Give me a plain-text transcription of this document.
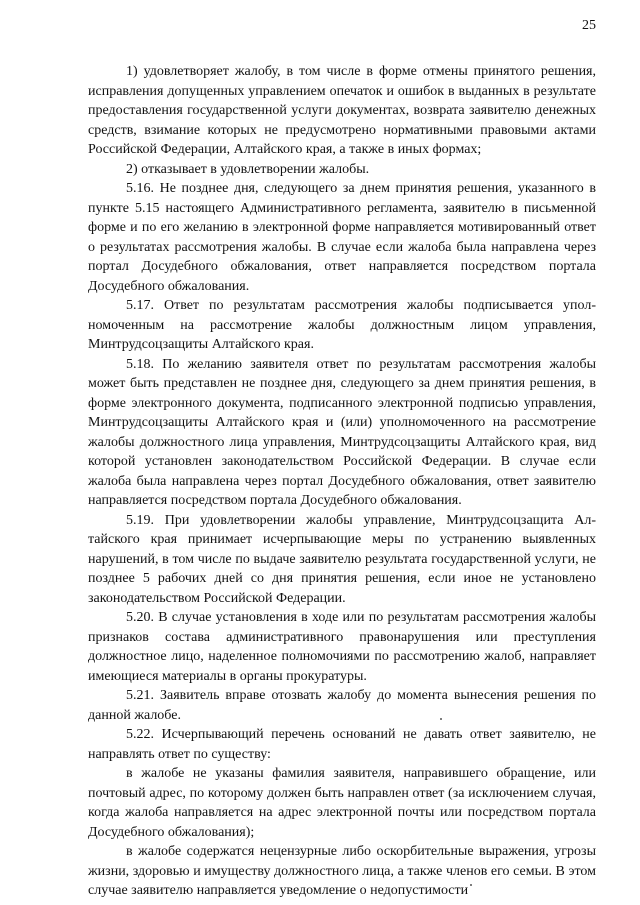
25

1) удовлетворяет жалобу, в том числе в форме отмены принятого решения, исправления допущенных управлением опечаток и ошибок в выданных в результате предоставления государственной услуги документах, возврата заявителю денежных средств, взимание которых не предусмотрено нормативными правовыми актами Российской Федерации, Алтайского края, а также в иных формах;

2) отказывает в удовлетворении жалобы.

5.16. Не позднее дня, следующего за днем принятия решения, указанного в пункте 5.15 настоящего Административного регламента, заявителю в письменной форме и по его желанию в электронной форме направляется мотивированный ответ о результатах рассмотрения жалобы. В случае если жалоба была направлена через портал Досудебного обжалования, ответ направляется посредством портала Досудебного обжалования.

5.17. Ответ по результатам рассмотрения жалобы подписывается уполномоченным на рассмотрение жалобы должностным лицом управления, Минтрудсоцзащиты Алтайского края.

5.18. По желанию заявителя ответ по результатам рассмотрения жалобы может быть представлен не позднее дня, следующего за днем принятия решения, в форме электронного документа, подписанного электронной подписью управления, Минтрудсоцзащиты Алтайского края и (или) уполномоченного на рассмотрение жалобы должностного лица управления, Минтрудсоцзащиты Алтайского края, вид которой установлен законодательством Российской Федерации. В случае если жалоба была направлена через портал Досудебного обжалования, ответ заявителю направляется посредством портала Досудебного обжалования.

5.19. При удовлетворении жалобы управление, Минтрудсоцзащита Алтайского края принимает исчерпывающие меры по устранению выявленных нарушений, в том числе по выдаче заявителю результата государственной услуги, не позднее 5 рабочих дней со дня принятия решения, если иное не установлено законодательством Российской Федерации.

5.20. В случае установления в ходе или по результатам рассмотрения жалобы признаков состава административного правонарушения или преступления должностное лицо, наделенное полномочиями по рассмотрению жалоб, направляет имеющиеся материалы в органы прокуратуры.

5.21. Заявитель вправе отозвать жалобу до момента вынесения решения по данной жалобе.

5.22. Исчерпывающий перечень оснований не давать ответ заявителю, не направлять ответ по существу:

в жалобе не указаны фамилия заявителя, направившего обращение, или почтовый адрес, по которому должен быть направлен ответ (за исключением случая, когда жалоба направляется на адрес электронной почты или посредством портала Досудебного обжалования);

в жалобе содержатся нецензурные либо оскорбительные выражения, угрозы жизни, здоровью и имуществу должностного лица, а также членов его семьи. В этом случае заявителю направляется уведомление о недопустимости
